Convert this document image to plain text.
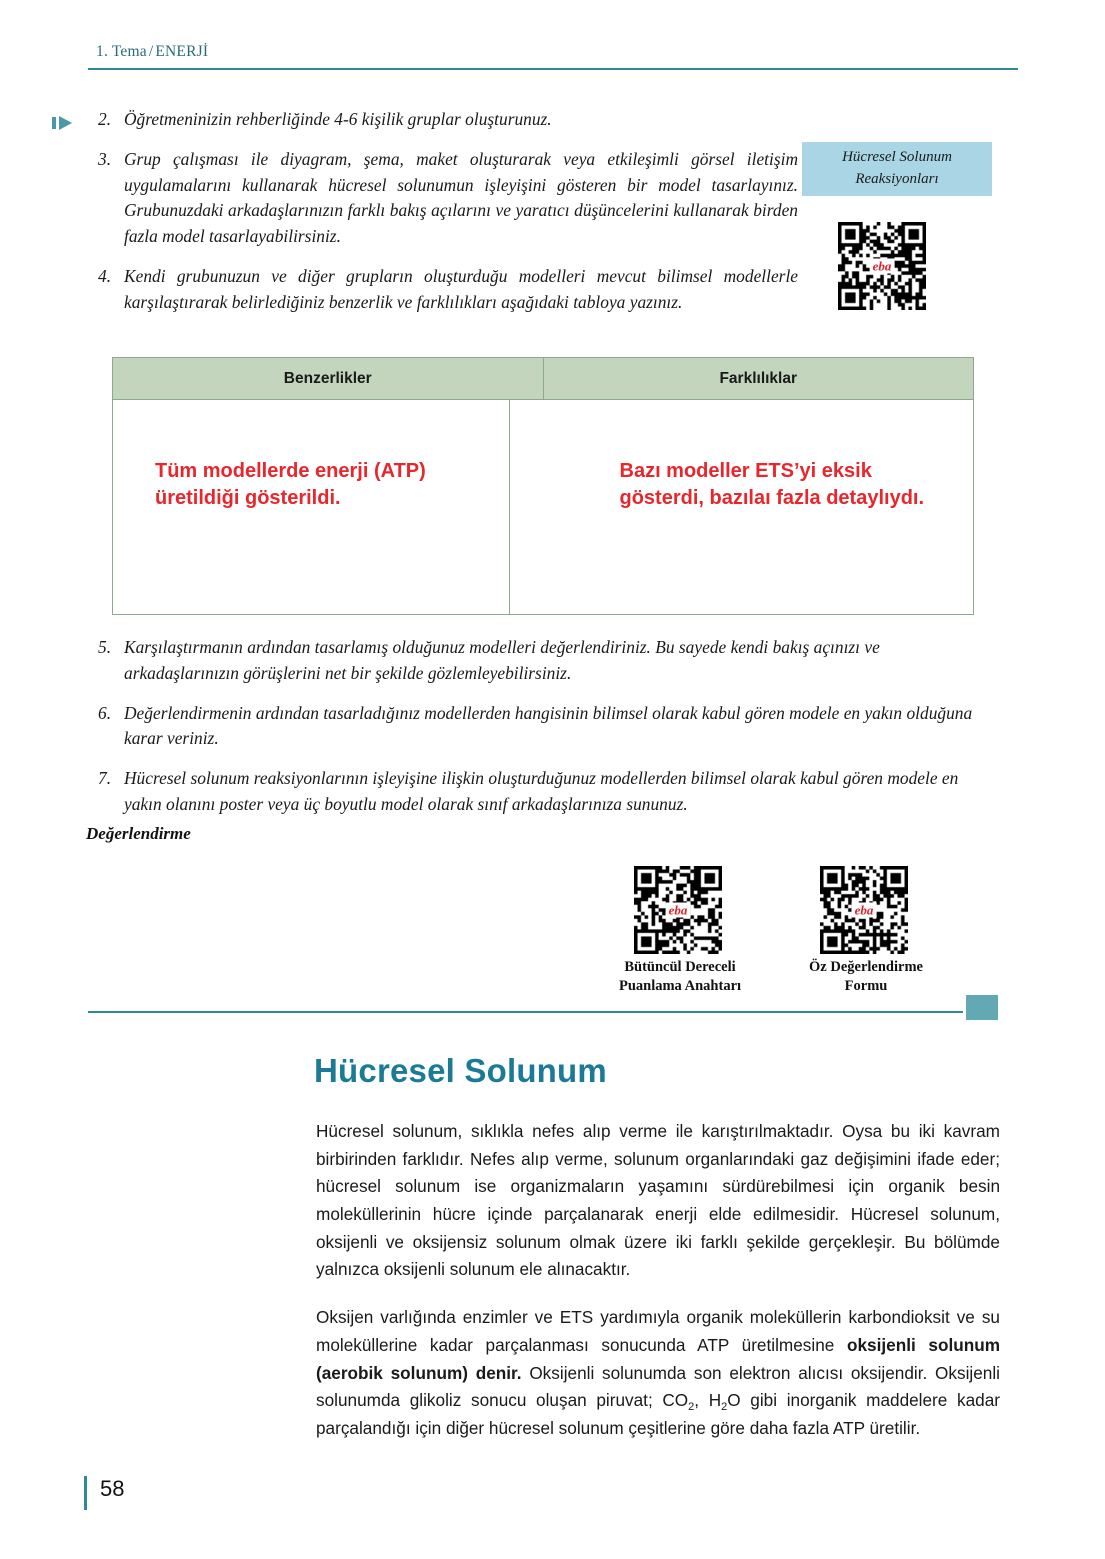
1. Tema / ENERJİ
2. Öğretmeninizin rehberliğinde 4-6 kişilik gruplar oluşturunuz.
3. Grup çalışması ile diyagram, şema, maket oluşturarak veya etkileşimli görsel iletişim uygulamalarını kullanarak hücresel solunumun işleyişini gösteren bir model tasarlayınız. Grubunuzdaki arkadaşlarınızın farklı bakış açılarını ve yaratıcı düşüncelerini kullanarak birden fazla model tasarlayabilirsiniz.
4. Kendi grubunuzun ve diğer grupların oluşturduğu modelleri mevcut bilimsel modellerle karşılaştırarak belirlediğiniz benzerlik ve farklılıkları aşağıdaki tabloya yazınız.
Hücresel Solunum
Reaksiyonları
eba
Benzerlikler	Farklılıklar
Tüm modellerde enerji (ATP) üretildiği gösterildi.
Bazı modeller ETS’yi eksik gösterdi, bazılaı fazla detaylıydı.
5. Karşılaştırmanın ardından tasarlamış olduğunuz modelleri değerlendiriniz. Bu sayede kendi bakış açınızı ve arkadaşlarınızın görüşlerini net bir şekilde gözlemleyebilirsiniz.
6. Değerlendirmenin ardından tasarladığınız modellerden hangisinin bilimsel olarak kabul gören modele en yakın olduğuna karar veriniz.
7. Hücresel solunum reaksiyonlarının işleyişine ilişkin oluşturduğunuz modellerden bilimsel olarak kabul gören modele en yakın olanını poster veya üç boyutlu model olarak sınıf arkadaşlarınıza sununuz.
Değerlendirme
eba	eba
Bütüncül Dereceli
Puanlama Anahtarı
Öz Değerlendirme
Formu
Hücresel Solunum

Hücresel solunum, sıklıkla nefes alıp verme ile karıştırılmaktadır. Oysa bu iki kavram birbirinden farklıdır. Nefes alıp verme, solunum organlarındaki gaz değişimini ifade eder; hücresel solunum ise organizmaların yaşamını sürdürebilmesi için organik besin moleküllerinin hücre içinde parçalanarak enerji elde edilmesidir. Hücresel solunum, oksijenli ve oksijensiz solunum olmak üzere iki farklı şekilde gerçekleşir. Bu bölümde yalnızca oksijenli solunum ele alınacaktır.

Oksijen varlığında enzimler ve ETS yardımıyla organik moleküllerin karbondioksit ve su moleküllerine kadar parçalanması sonucunda ATP üretilmesine oksijenli solunum (aerobik solunum) denir. Oksijenli solunumda son elektron alıcısı oksijendir. Oksijenli solunumda glikoliz sonucu oluşan piruvat; $CO_2$, $H_2O$ gibi inorganik maddelere kadar parçalandığı için diğer hücresel solunum çeşitlerine göre daha fazla ATP üretilir.

58
